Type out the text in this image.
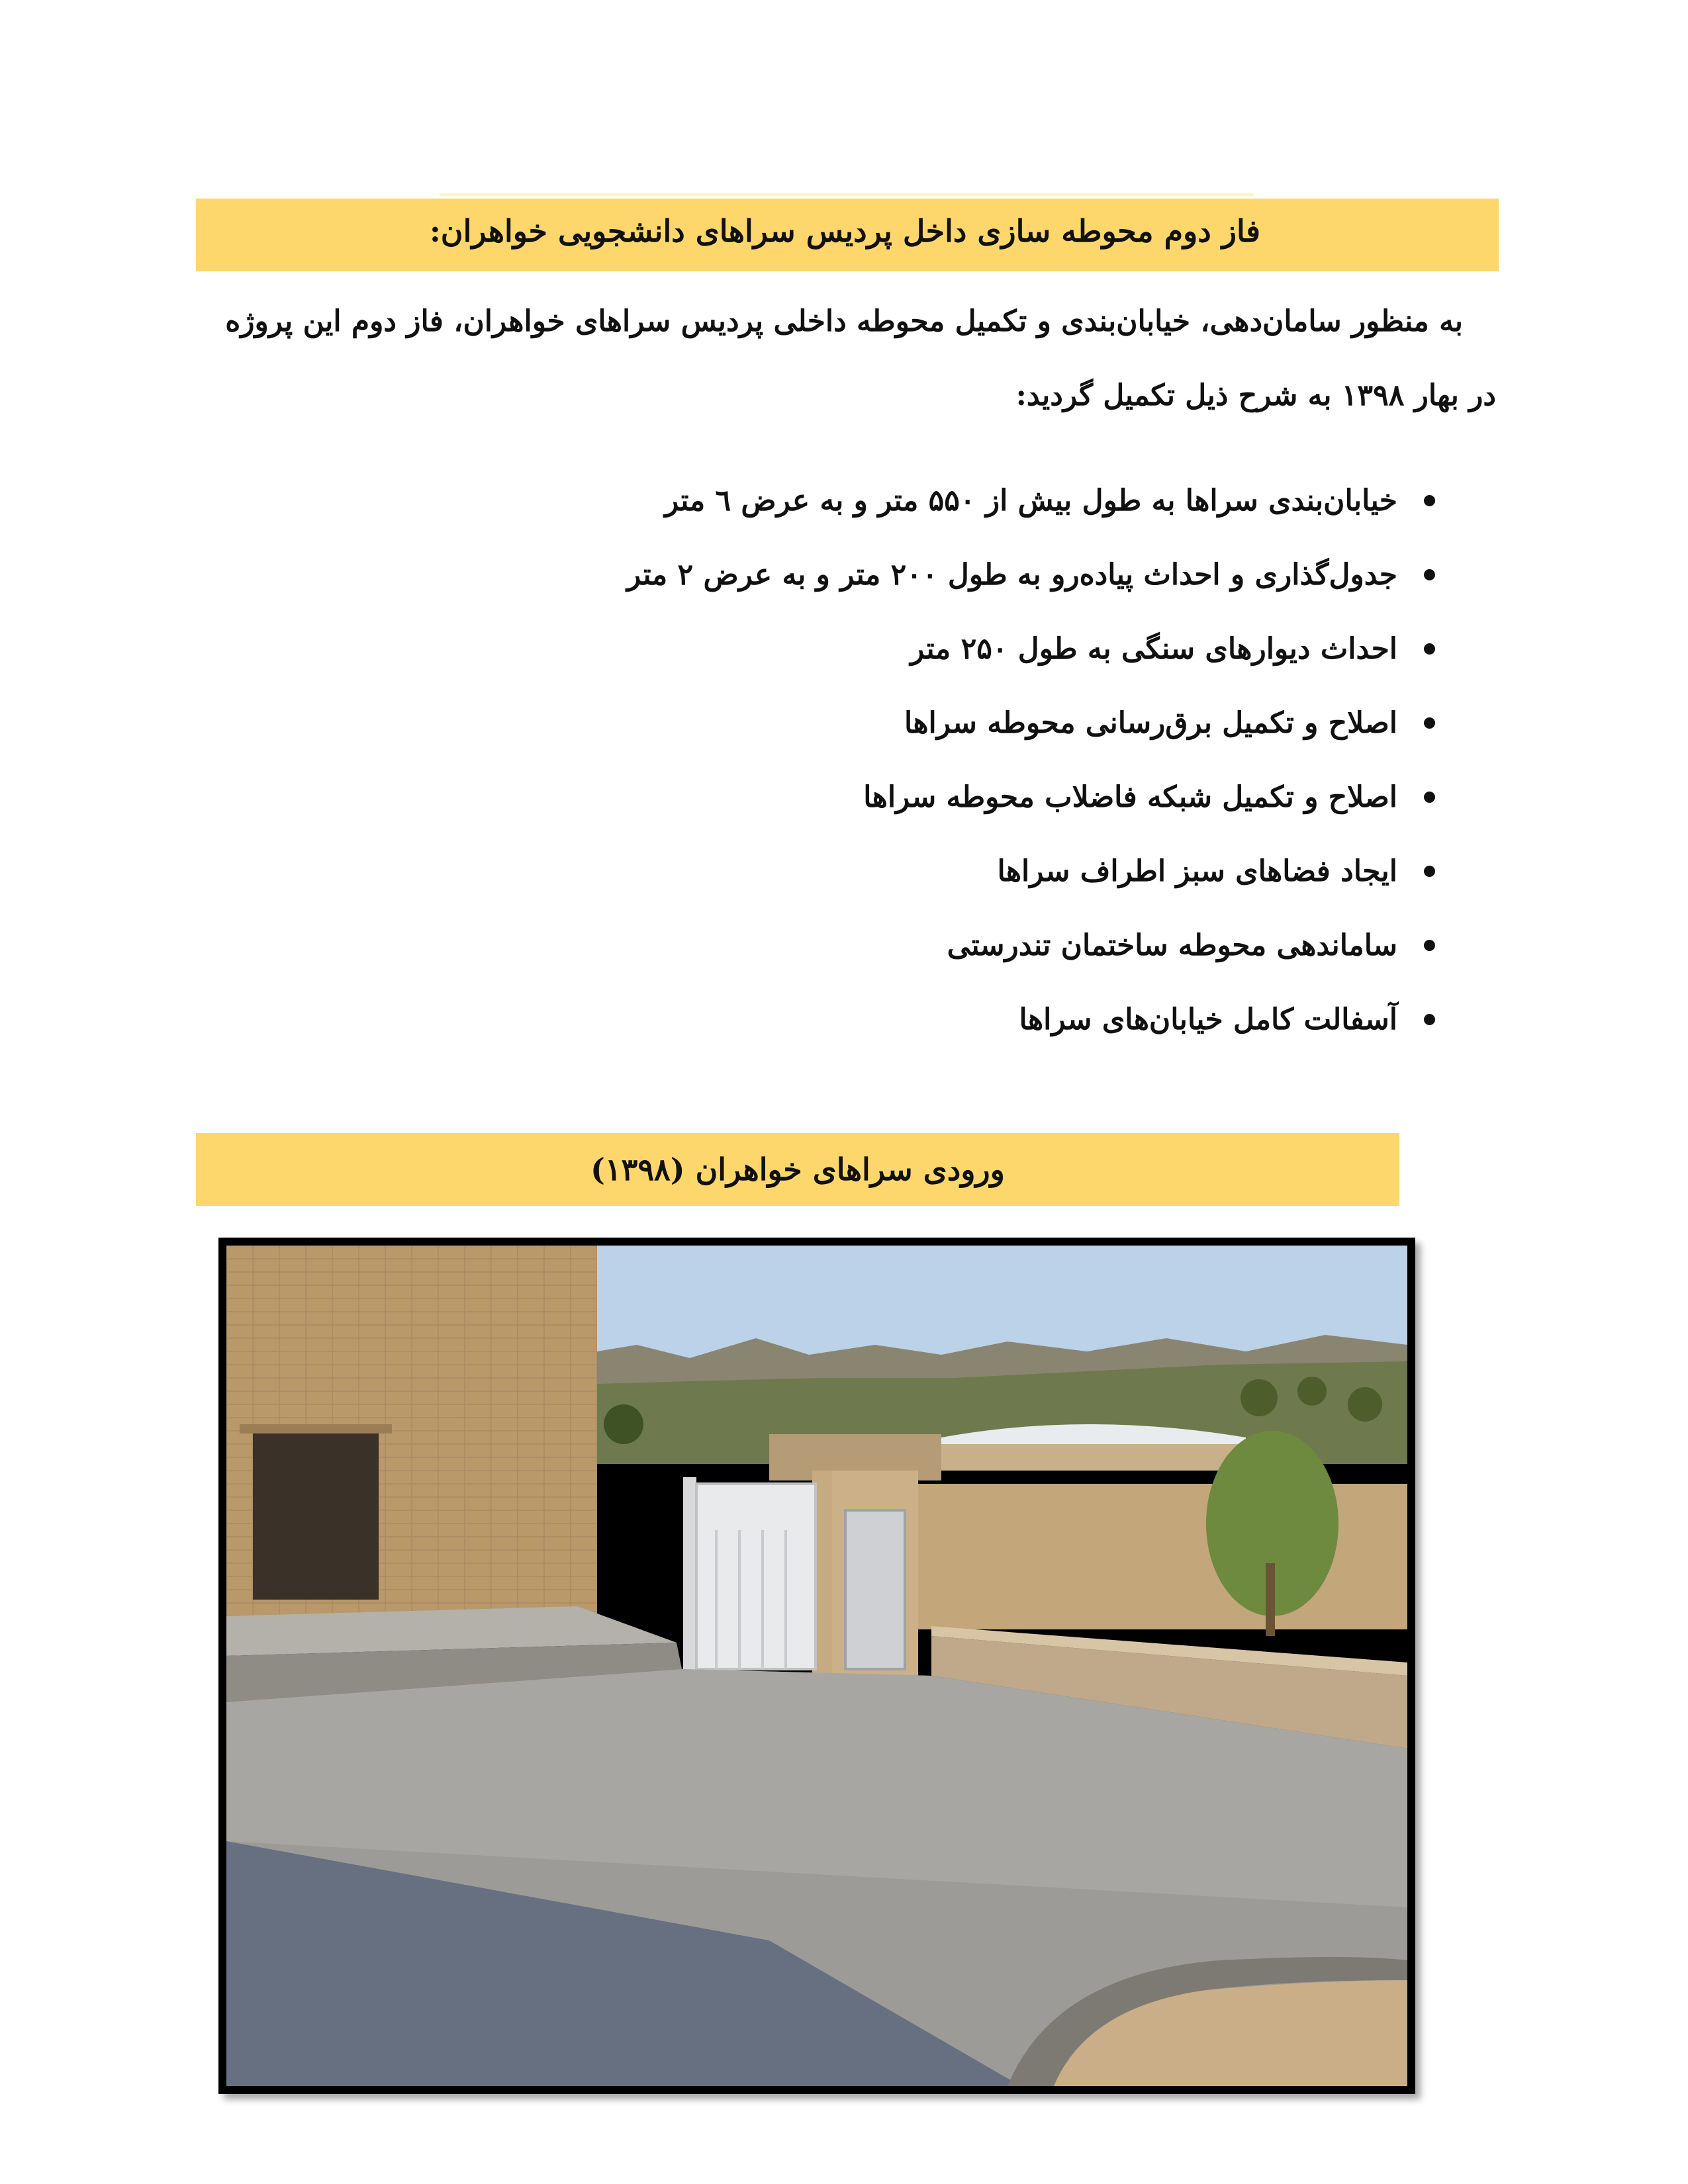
فاز دوم محوطه سازی داخل پردیس سراهای دانشجویی خواهران:
به منظور سامان‌دهی، خیابان‌بندی و تکمیل محوطه داخلی پردیس سراهای خواهران، فاز دوم این پروژه
در بهار ۱۳۹۸ به شرح ذیل تکمیل گردید:
خیابان‌بندی سراها به طول بیش از ۵۵۰ متر و به عرض ٦ متر
جدول‌گذاری و احداث پیاده‌رو به طول ۲۰۰ متر و به عرض ۲ متر
احداث دیوارهای سنگی به طول ۲۵۰ متر
اصلاح و تکمیل برق‌رسانی محوطه سراها
اصلاح و تکمیل شبکه فاضلاب محوطه سراها
ایجاد فضاهای سبز اطراف سراها
ساماندهی محوطه ساختمان تندرستی
آسفالت کامل خیابان‌های سراها
ورودی سراهای خواهران (۱۳۹۸)
